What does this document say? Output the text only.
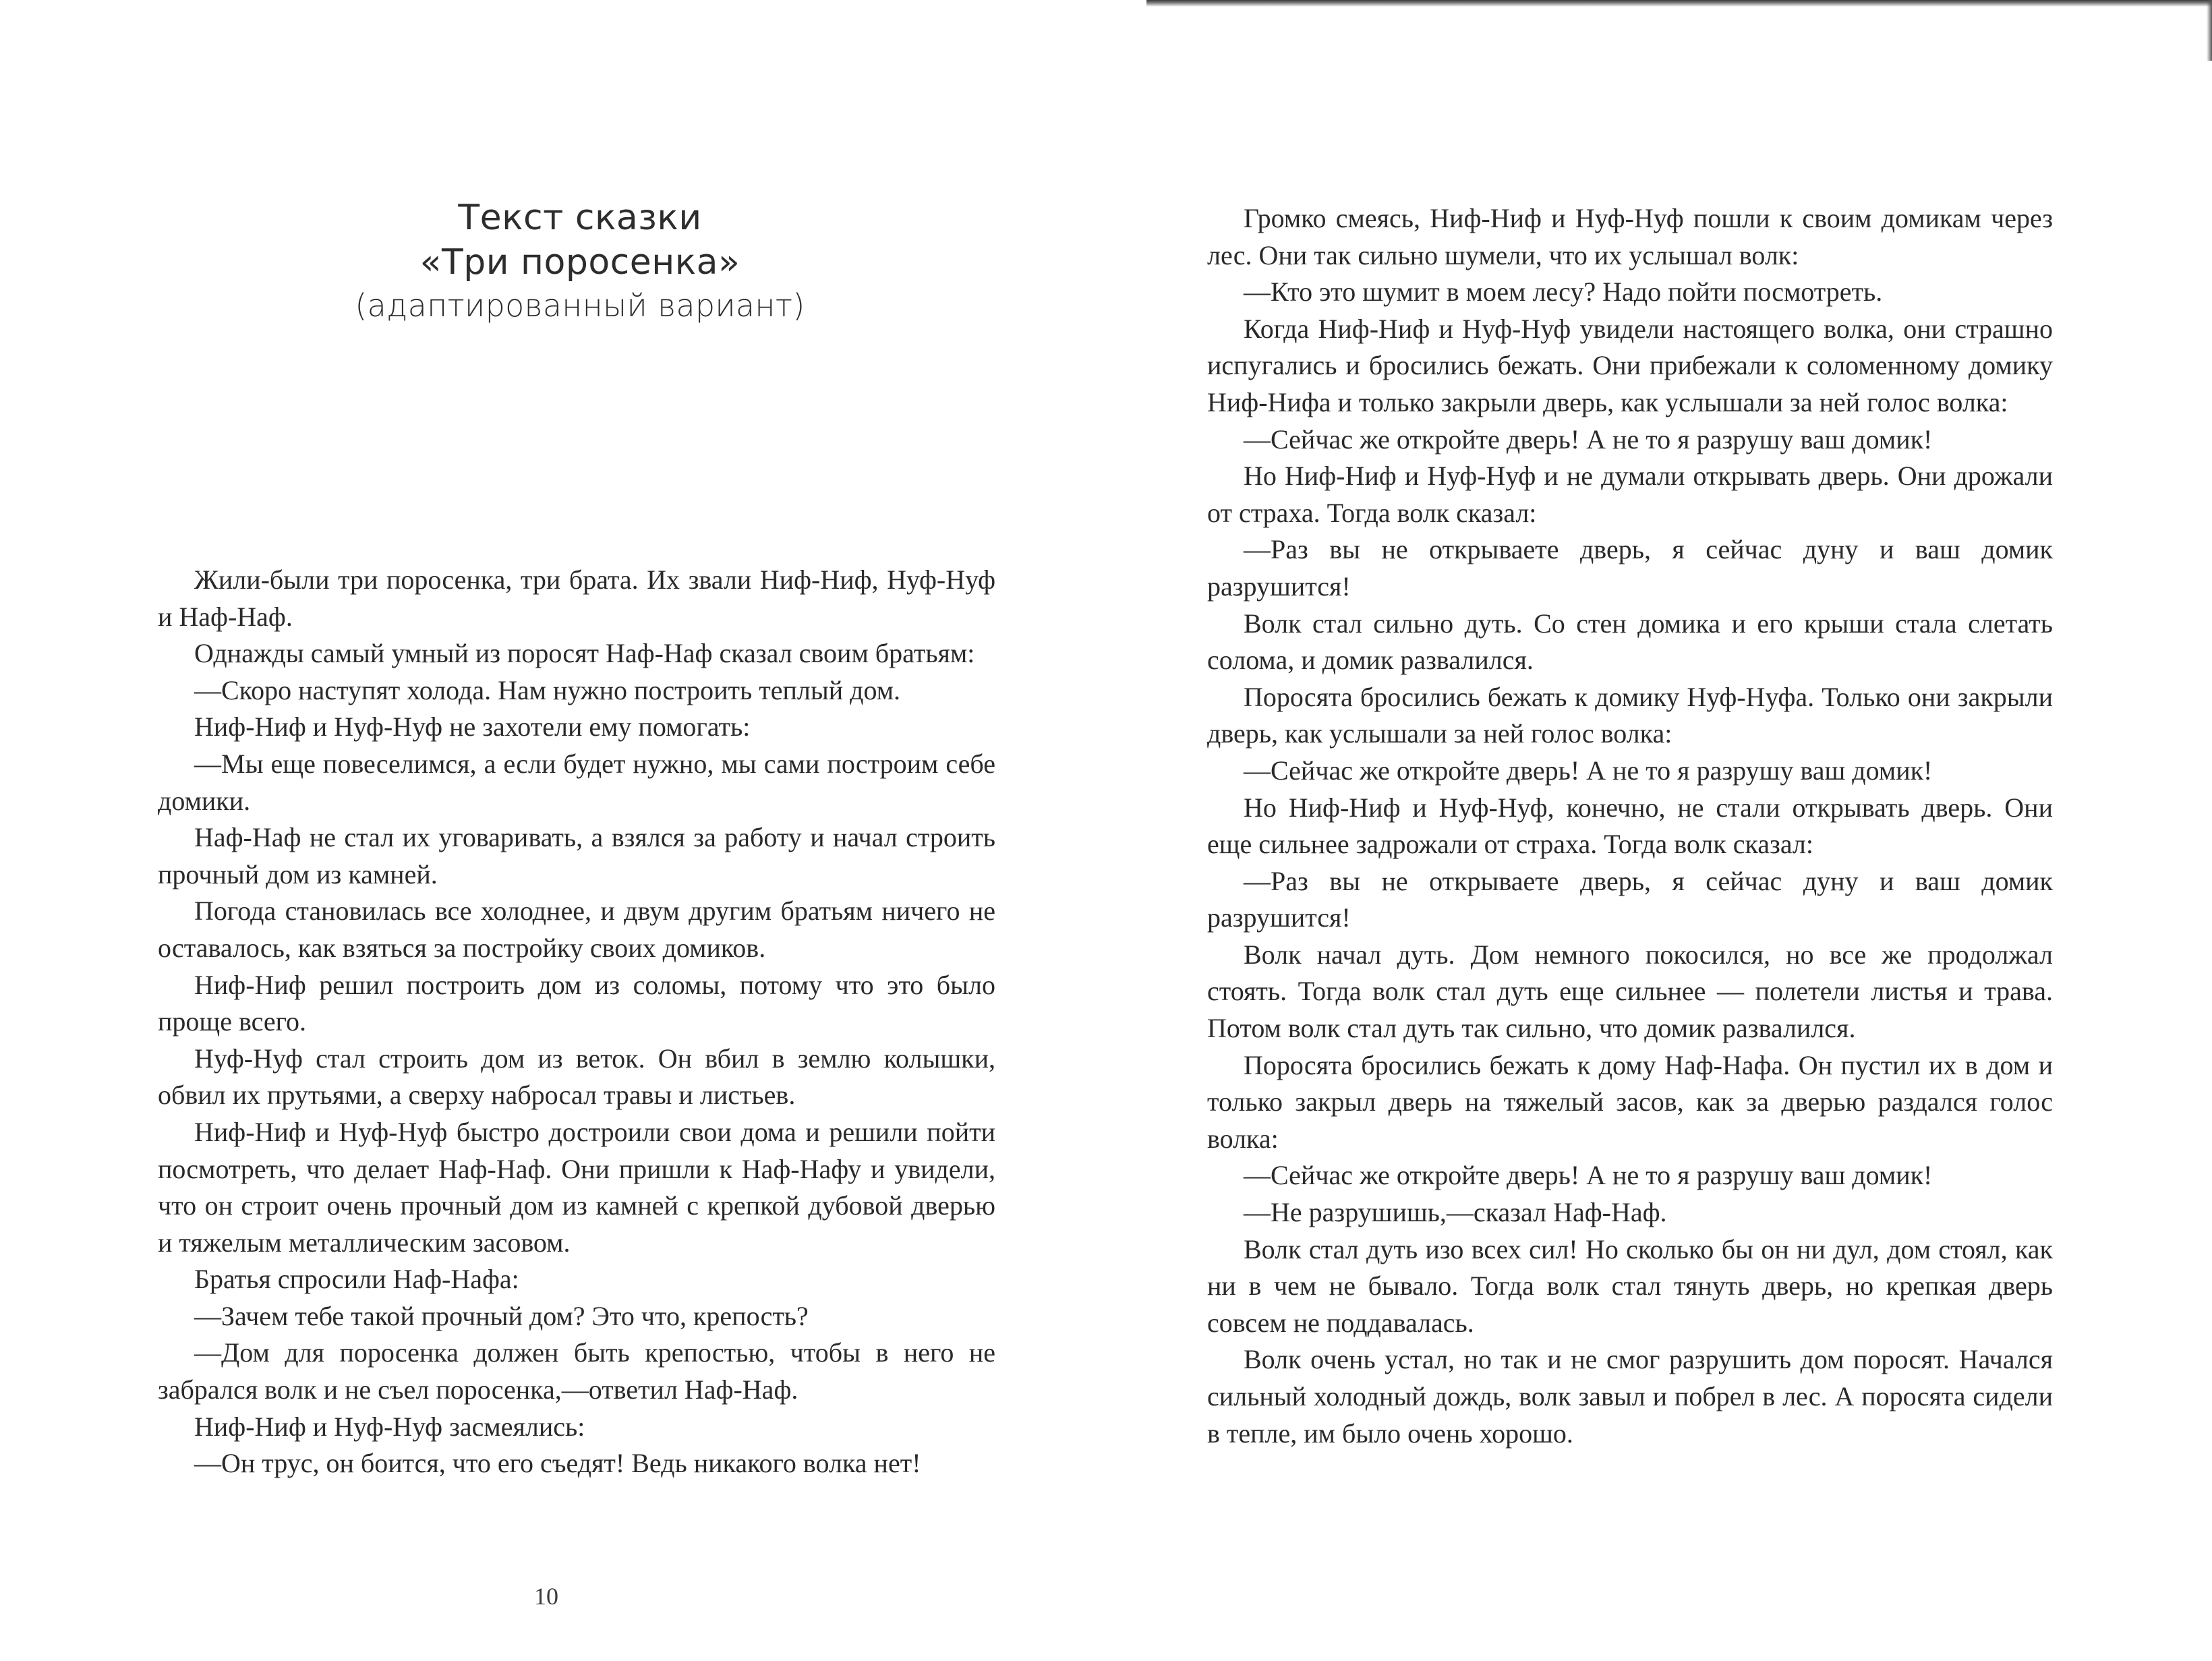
Текст сказки
«Три поросенка»
(адаптированный вариант)

Жили-были три поросенка, три брата. Их звали Ниф-Ниф, Нуф-Нуф и Наф-Наф.

Однажды самый умный из поросят Наф-Наф сказал своим братьям:

—Скоро наступят холода. Нам нужно построить теплый дом.

Ниф-Ниф и Нуф-Нуф не захотели ему помогать:

—Мы еще повеселимся, а если будет нужно, мы сами построим себе домики.

Наф-Наф не стал их уговаривать, а взялся за работу и начал строить прочный дом из камней.

Погода становилась все холоднее, и двум другим братьям ничего не оставалось, как взяться за постройку своих домиков.

Ниф-Ниф решил построить дом из соломы, потому что это было проще всего.

Нуф-Нуф стал строить дом из веток. Он вбил в землю колышки, обвил их прутьями, а сверху набросал травы и листьев.

Ниф-Ниф и Нуф-Нуф быстро достроили свои дома и решили пойти посмотреть, что делает Наф-Наф. Они пришли к Наф-Нафу и увидели, что он строит очень прочный дом из камней с крепкой дубовой дверью и тяжелым металлическим засовом.

Братья спросили Наф-Нафа:

—Зачем тебе такой прочный дом? Это что, крепость?

—Дом для поросенка должен быть крепостью, чтобы в него не забрался волк и не съел поросенка,—ответил Наф-Наф.

Ниф-Ниф и Нуф-Нуф засмеялись:

—Он трус, он боится, что его съедят! Ведь никакого волка нет!

10

Громко смеясь, Ниф-Ниф и Нуф-Нуф пошли к своим домикам через лес. Они так сильно шумели, что их услышал волк:

—Кто это шумит в моем лесу? Надо пойти посмотреть.

Когда Ниф-Ниф и Нуф-Нуф увидели настоящего волка, они страшно испугались и бросились бежать. Они прибежали к соломенному домику Ниф-Нифа и только закрыли дверь, как услышали за ней голос волка:

—Сейчас же откройте дверь! А не то я разрушу ваш домик!

Но Ниф-Ниф и Нуф-Нуф и не думали открывать дверь. Они дрожали от страха. Тогда волк сказал:

—Раз вы не открываете дверь, я сейчас дуну и ваш домик разрушится!

Волк стал сильно дуть. Со стен домика и его крыши стала слетать солома, и домик развалился.

Поросята бросились бежать к домику Нуф-Нуфа. Только они закрыли дверь, как услышали за ней голос волка:

—Сейчас же откройте дверь! А не то я разрушу ваш домик!

Но Ниф-Ниф и Нуф-Нуф, конечно, не стали открывать дверь. Они еще сильнее задрожали от страха. Тогда волк сказал:

—Раз вы не открываете дверь, я сейчас дуну и ваш домик разрушится!

Волк начал дуть. Дом немного покосился, но все же продолжал стоять. Тогда волк стал дуть еще сильнее — полетели листья и трава. Потом волк стал дуть так сильно, что домик развалился.

Поросята бросились бежать к дому Наф-Нафа. Он пустил их в дом и только закрыл дверь на тяжелый засов, как за дверью раздался голос волка:

—Сейчас же откройте дверь! А не то я разрушу ваш домик!

—Не разрушишь,—сказал Наф-Наф.

Волк стал дуть изо всех сил! Но сколько бы он ни дул, дом стоял, как ни в чем не бывало. Тогда волк стал тянуть дверь, но крепкая дверь совсем не поддавалась.

Волк очень устал, но так и не смог разрушить дом поросят. Начался сильный холодный дождь, волк завыл и побрел в лес. А поросята сидели в тепле, им было очень хорошо.
